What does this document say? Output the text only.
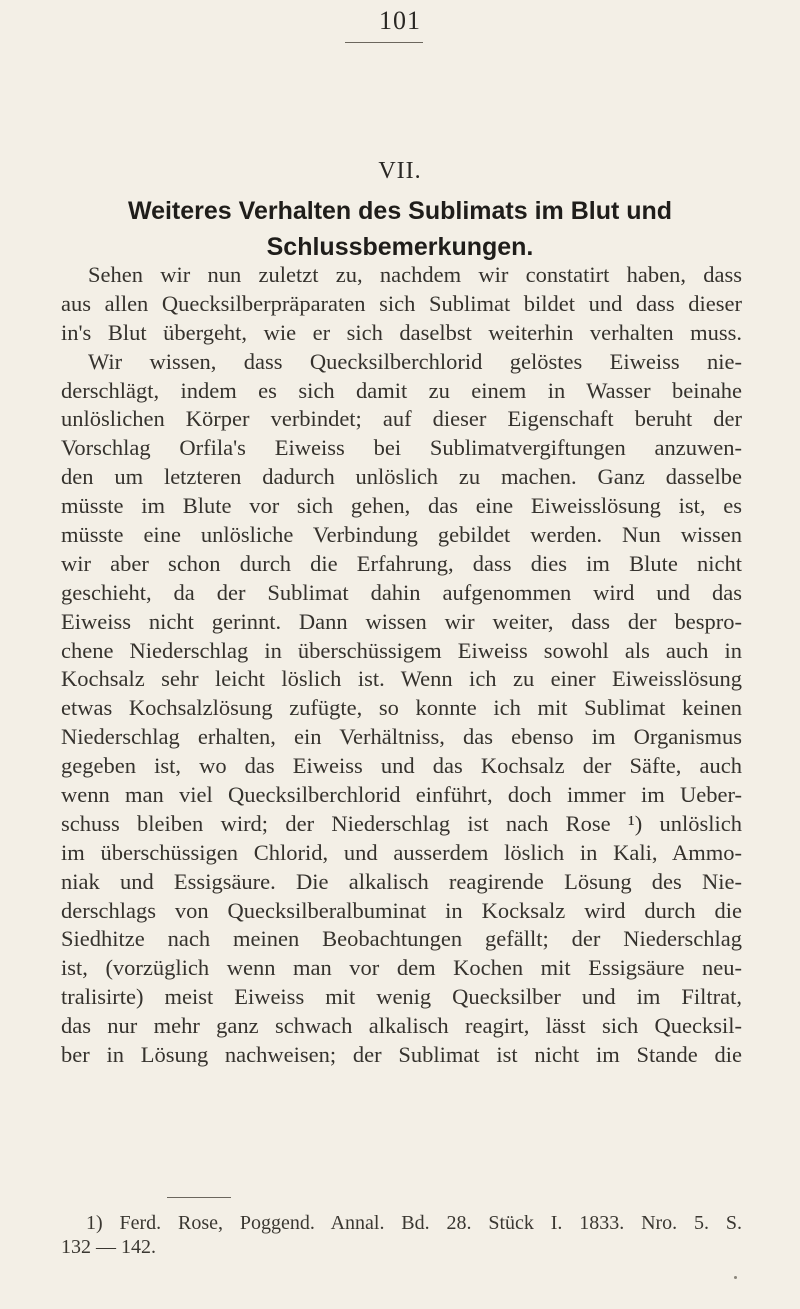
101
VII.
Weiteres Verhalten des Sublimats im Blut und
Schlussbemerkungen.
Sehen wir nun zuletzt zu, nachdem wir constatirt haben, dass
aus allen Quecksilberpräparaten sich Sublimat bildet und dass dieser
in's Blut übergeht, wie er sich daselbst weiterhin verhalten muss.
Wir wissen, dass Quecksilberchlorid gelöstes Eiweiss nie-
derschlägt, indem es sich damit zu einem in Wasser beinahe
unlöslichen Körper verbindet; auf dieser Eigenschaft beruht der
Vorschlag Orfila's Eiweiss bei Sublimatvergiftungen anzuwen-
den um letzteren dadurch unlöslich zu machen. Ganz dasselbe
müsste im Blute vor sich gehen, das eine Eiweisslösung ist, es
müsste eine unlösliche Verbindung gebildet werden. Nun wissen
wir aber schon durch die Erfahrung, dass dies im Blute nicht
geschieht, da der Sublimat dahin aufgenommen wird und das
Eiweiss nicht gerinnt. Dann wissen wir weiter, dass der bespro-
chene Niederschlag in überschüssigem Eiweiss sowohl als auch in
Kochsalz sehr leicht löslich ist. Wenn ich zu einer Eiweisslösung
etwas Kochsalzlösung zufügte, so konnte ich mit Sublimat keinen
Niederschlag erhalten, ein Verhältniss, das ebenso im Organismus
gegeben ist, wo das Eiweiss und das Kochsalz der Säfte, auch
wenn man viel Quecksilberchlorid einführt, doch immer im Ueber-
schuss bleiben wird; der Niederschlag ist nach Rose ¹) unlöslich
im überschüssigen Chlorid, und ausserdem löslich in Kali, Ammo-
niak und Essigsäure. Die alkalisch reagirende Lösung des Nie-
derschlags von Quecksilberalbuminat in Kocksalz wird durch die
Siedhitze nach meinen Beobachtungen gefällt; der Niederschlag
ist, (vorzüglich wenn man vor dem Kochen mit Essigsäure neu-
tralisirte) meist Eiweiss mit wenig Quecksilber und im Filtrat,
das nur mehr ganz schwach alkalisch reagirt, lässt sich Quecksil-
ber in Lösung nachweisen; der Sublimat ist nicht im Stande die
1) Ferd. Rose, Poggend. Annal. Bd. 28. Stück I. 1833. Nro. 5. S.
132 — 142.
